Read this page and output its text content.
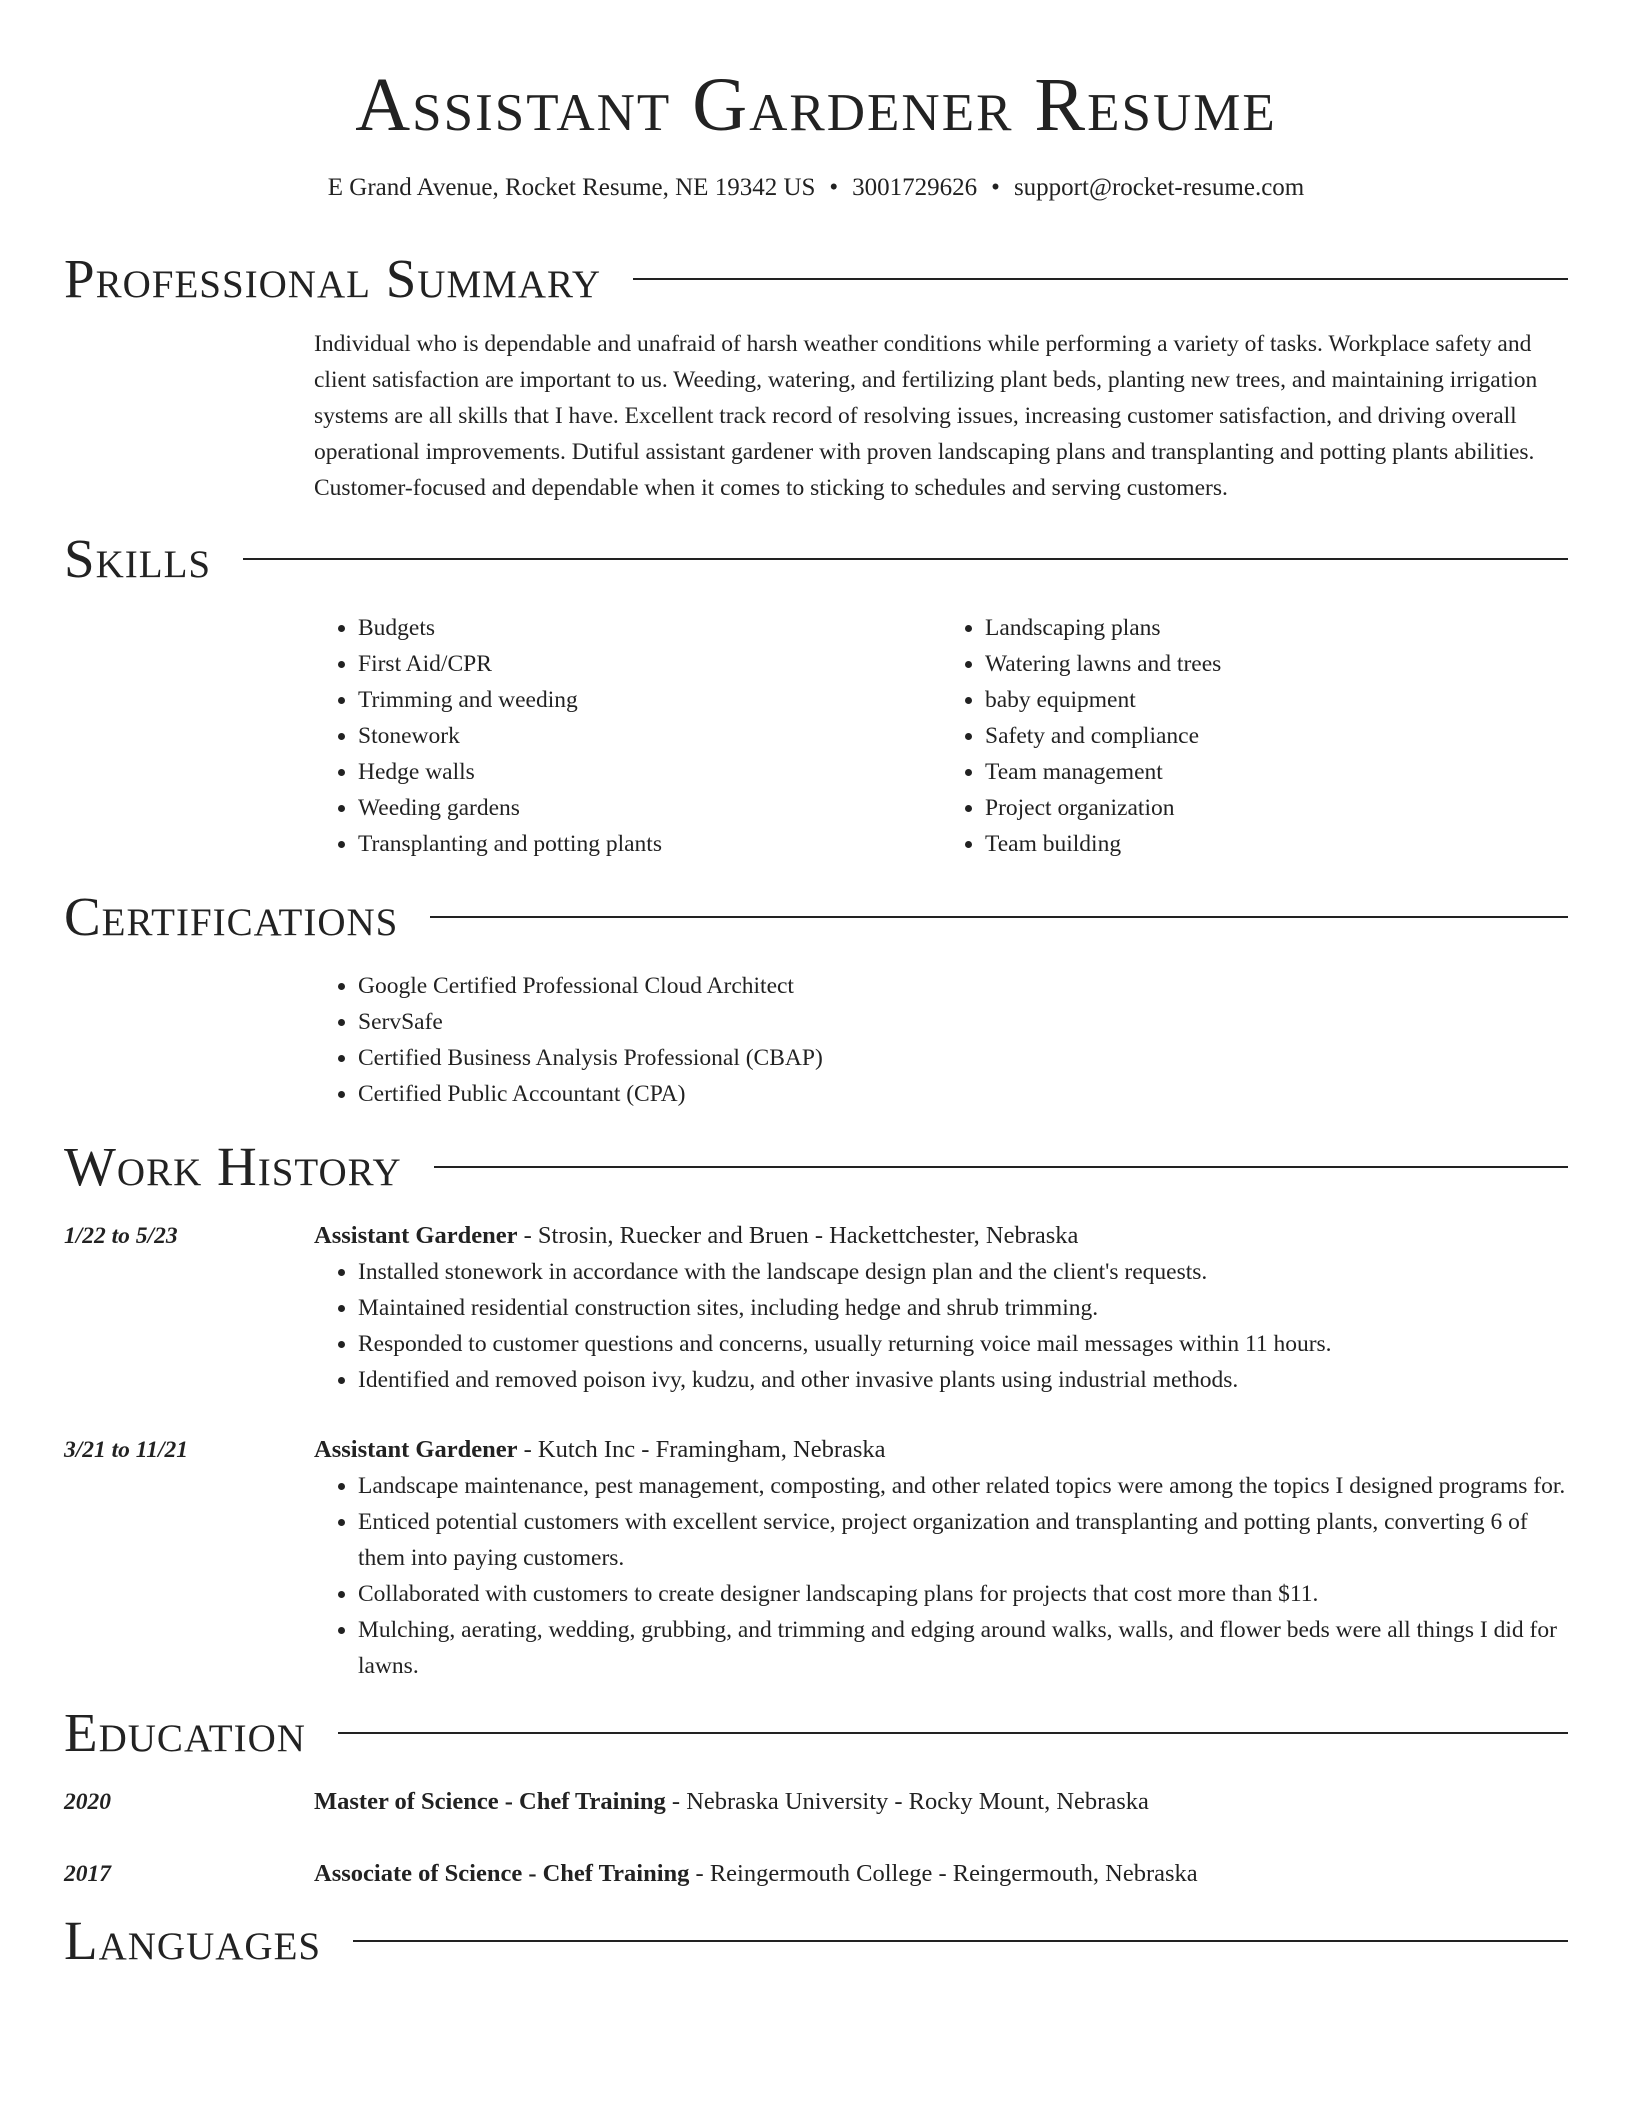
Assistant Gardener Resume
E Grand Avenue, Rocket Resume, NE 19342 US • 3001729626 • support@rocket-resume.com
Professional Summary

Individual who is dependable and unafraid of harsh weather conditions while performing a variety of tasks. Workplace safety and client satisfaction are important to us. Weeding, watering, and fertilizing plant beds, planting new trees, and maintaining irrigation systems are all skills that I have. Excellent track record of resolving issues, increasing customer satisfaction, and driving overall operational improvements. Dutiful assistant gardener with proven landscaping plans and transplanting and potting plants abilities. Customer-focused and dependable when it comes to sticking to schedules and serving customers.

Skills
• Budgets
• First Aid/CPR
• Trimming and weeding
• Stonework
• Hedge walls
• Weeding gardens
• Transplanting and potting plants
• Landscaping plans
• Watering lawns and trees
• baby equipment
• Safety and compliance
• Team management
• Project organization
• Team building
Certifications
• Google Certified Professional Cloud Architect
• ServSafe
• Certified Business Analysis Professional (CBAP)
• Certified Public Accountant (CPA)
Work History
1/22 to 5/23	Assistant Gardener - Strosin, Ruecker and Bruen - Hackettchester, Nebraska
• Installed stonework in accordance with the landscape design plan and the client's requests.
• Maintained residential construction sites, including hedge and shrub trimming.
• Responded to customer questions and concerns, usually returning voice mail messages within 11 hours.
• Identified and removed poison ivy, kudzu, and other invasive plants using industrial methods.
3/21 to 11/21	Assistant Gardener - Kutch Inc - Framingham, Nebraska
• Landscape maintenance, pest management, composting, and other related topics were among the topics I designed programs for.
• Enticed potential customers with excellent service, project organization and transplanting and potting plants, converting 6 of them into paying customers.
• Collaborated with customers to create designer landscaping plans for projects that cost more than $11.
• Mulching, aerating, wedding, grubbing, and trimming and edging around walks, walls, and flower beds were all things I did for lawns.
Education
2020	Master of Science - Chef Training - Nebraska University - Rocky Mount, Nebraska
2017	Associate of Science - Chef Training - Reingermouth College - Reingermouth, Nebraska
Languages
